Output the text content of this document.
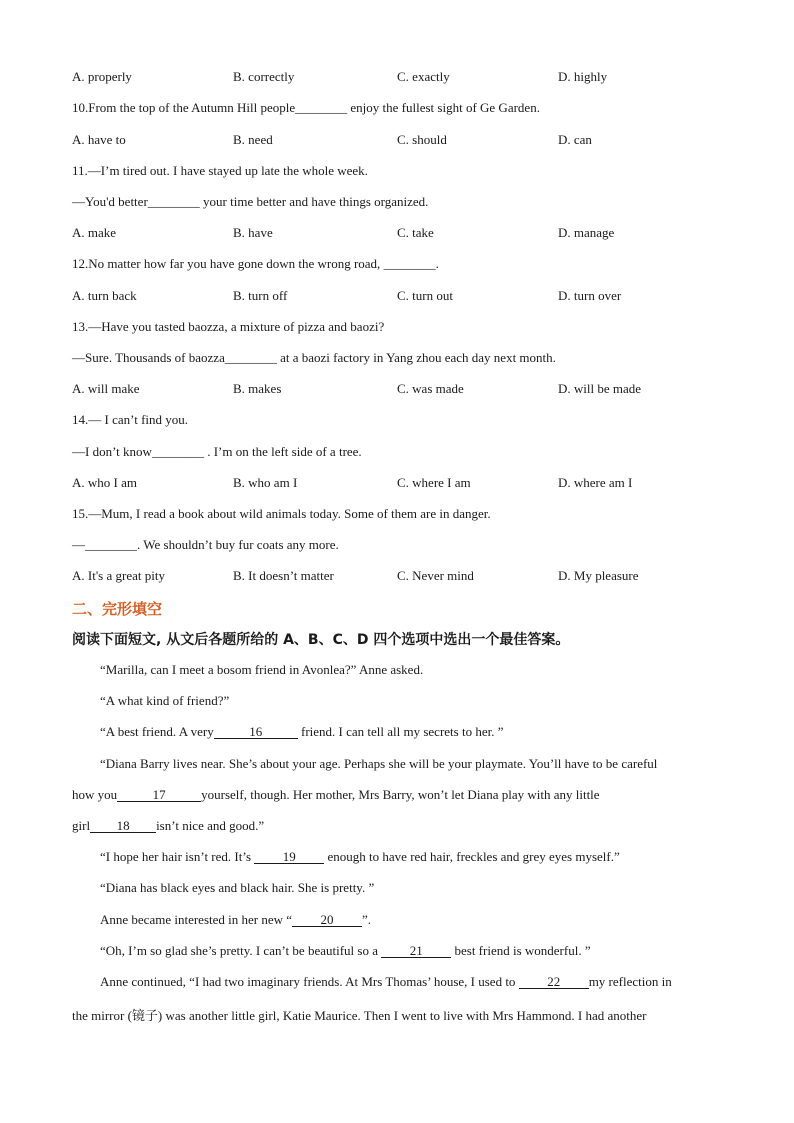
A. properly	B. correctly	C. exactly	D. highly
10.From the top of the Autumn Hill people________ enjoy the fullest sight of Ge Garden.
A. have to	B. need	C. should	D. can
11.—I’m tired out. I have stayed up late the whole week.
—You'd better________ your time better and have things organized.
A. make	B. have	C. take	D. manage
12.No matter how far you have gone down the wrong road, ________.
A. turn back	B. turn off	C. turn out	D. turn over
13.—Have you tasted baozza, a mixture of pizza and baozi?
—Sure. Thousands of baozza________ at a baozi factory in Yang zhou each day next month.
A. will make	B. makes	C. was made	D. will be made
14.— I can’t find you.
—I don’t know________ . I’m on the left side of a tree.
A. who I am	B. who am I	C. where I am	D. where am I
15.—Mum, I read a book about wild animals today. Some of them are in danger.
—________. We shouldn’t buy fur coats any more.
A. It's a great pity	B. It doesn’t matter	C. Never mind	D. My pleasure
二、完形填空
阅读下面短文, 从文后各题所给的 A、B、C、D 四个选项中选出一个最佳答案。
“Marilla, can I meet a bosom friend in Avonlea?” Anne asked.
“A what kind of friend?”
“A best friend. A very	16	friend. I can tell all my secrets to her. ”
“Diana Barry lives near. She’s about your age. Perhaps she will be your playmate. You’ll have to be careful
how you	17	yourself, though. Her mother, Mrs Barry, won’t let Diana play with any little
girl 18 isn’t nice and good.”
“I hope her hair isn’t red. It’s 19 enough to have red hair, freckles and grey eyes myself.”
“Diana has black eyes and black hair. She is pretty. ”
Anne became interested in her new “ 20 ”.
“Oh, I’m so glad she’s pretty. I can’t be beautiful so a 21 best friend is wonderful. ”
Anne continued, “I had two imaginary friends. At Mrs Thomas’ house, I used to 22 my reflection in
the mirror (镜子) was another little girl, Katie Maurice. Then I went to live with Mrs Hammond. I had another
